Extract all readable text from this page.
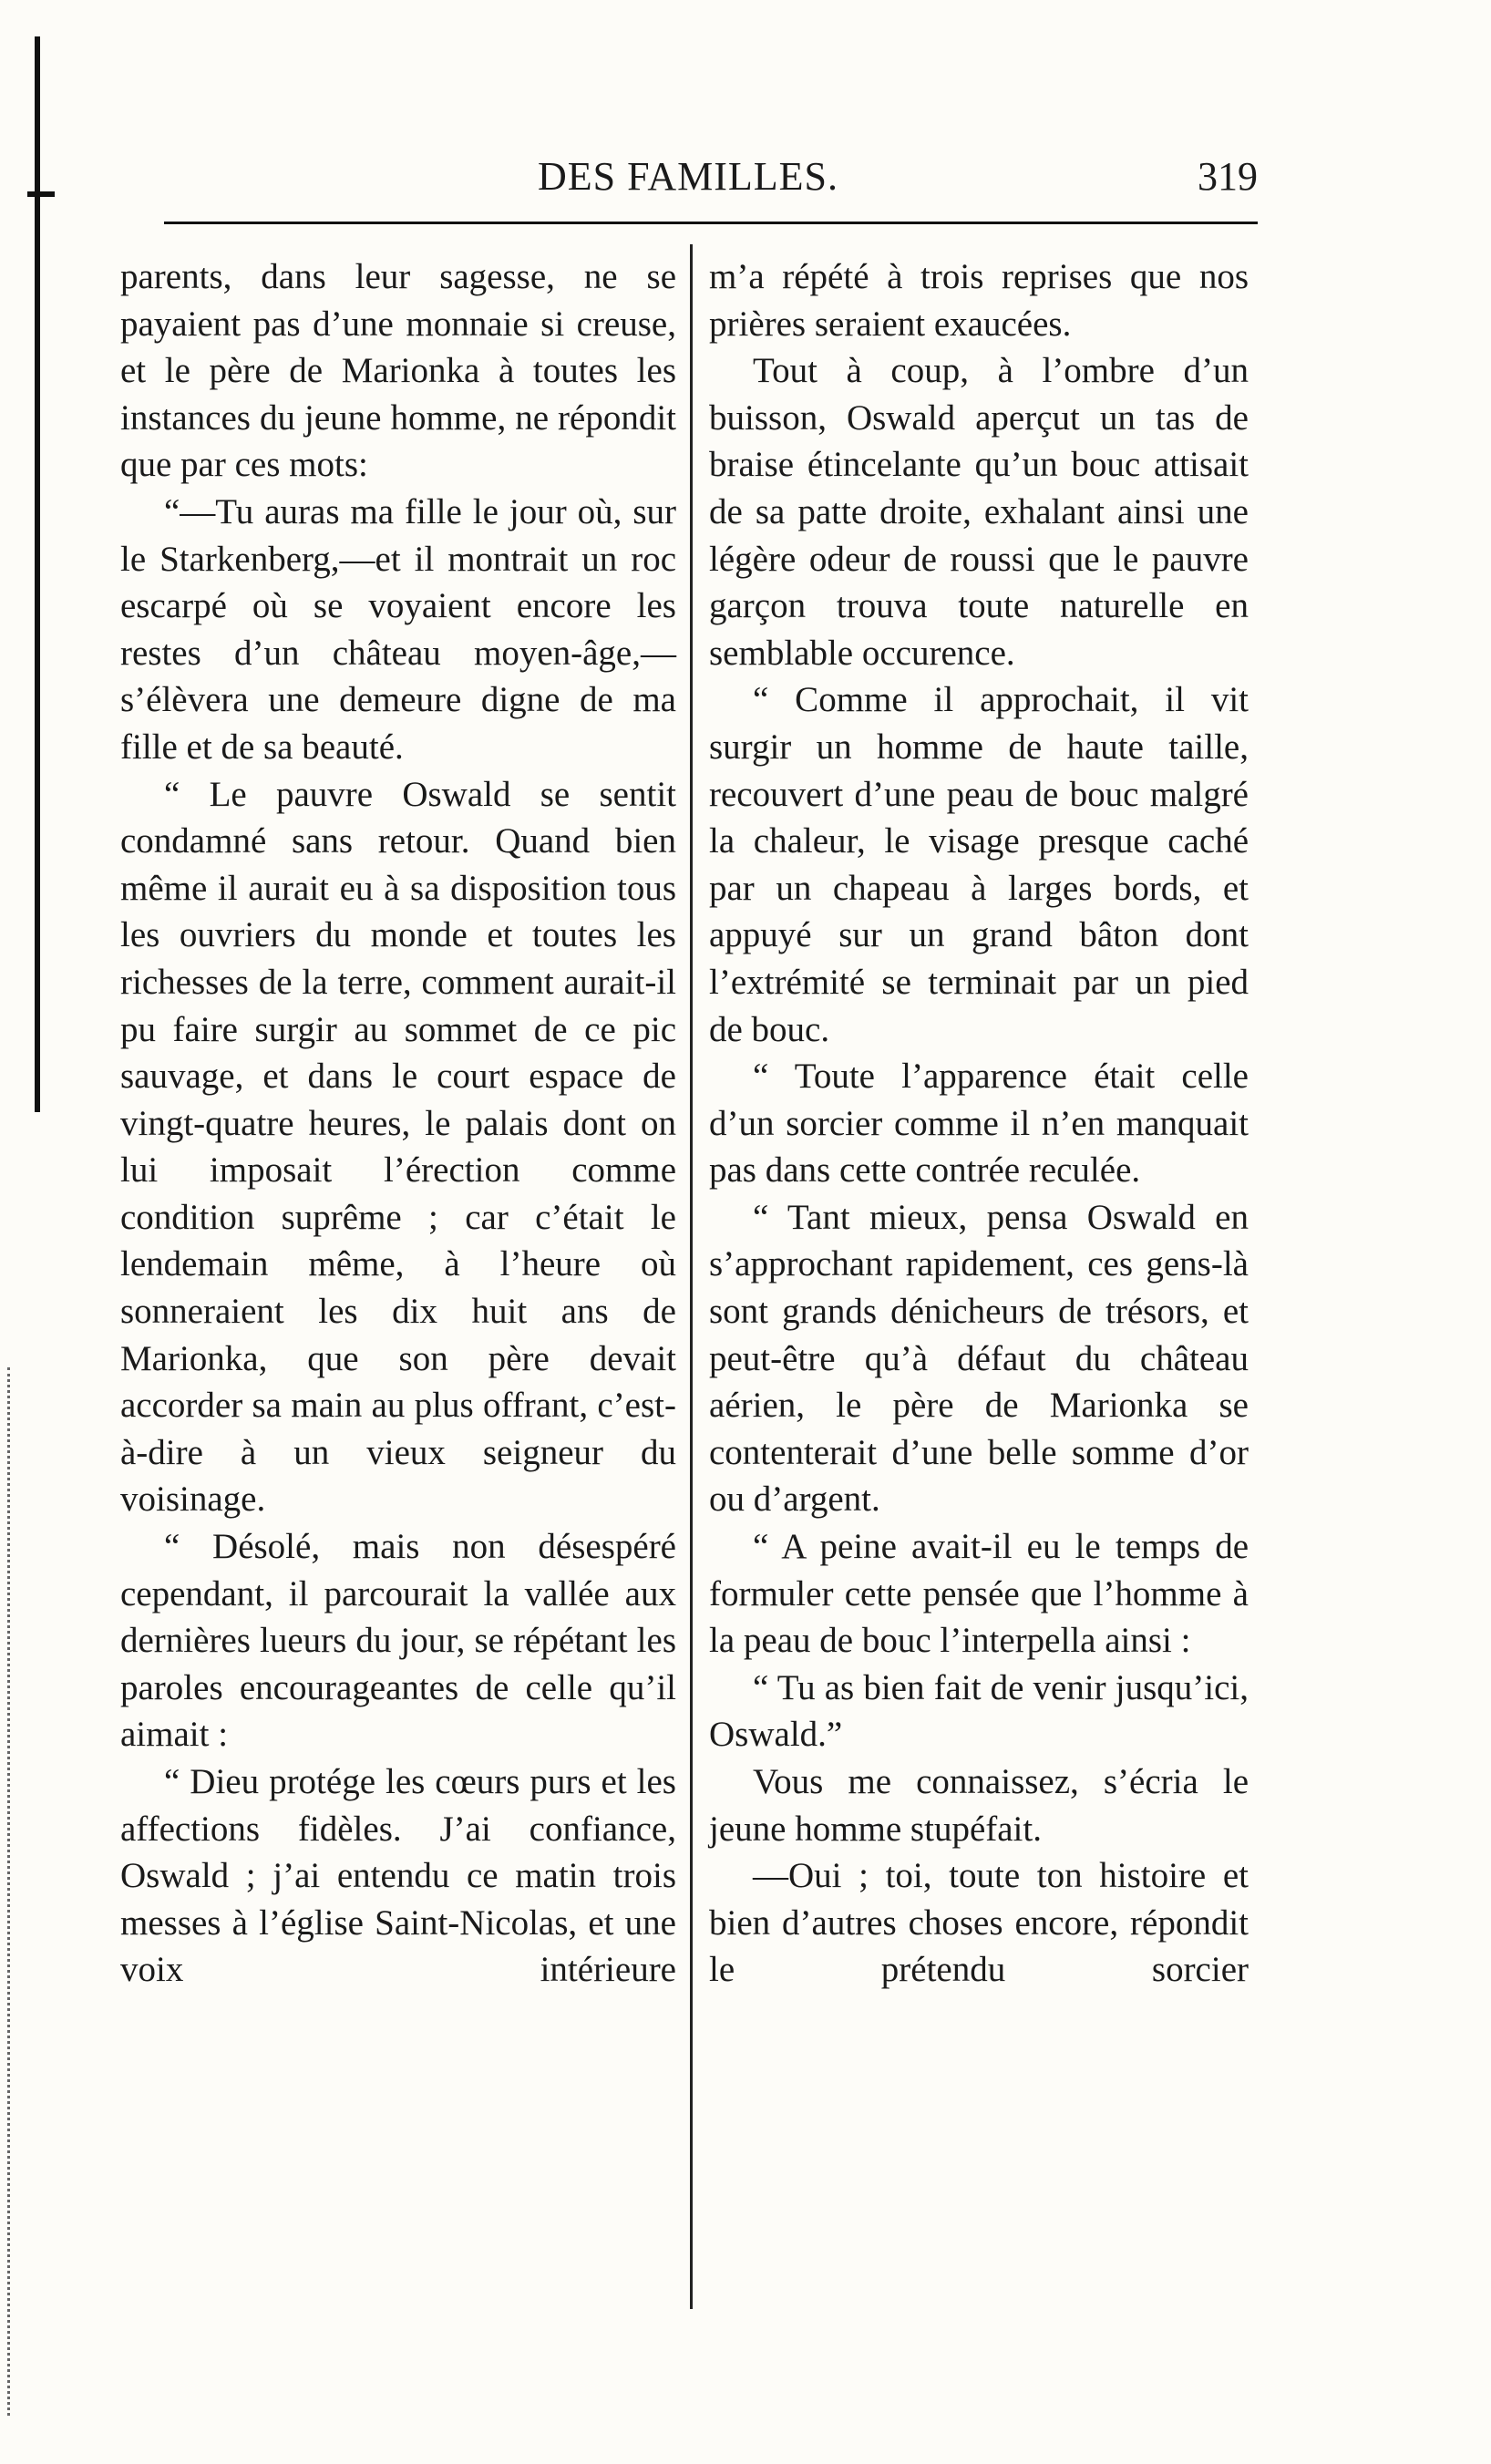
DES FAMILLES.	319

parents, dans leur sagesse, ne se payaient pas d’une monnaie si creuse, et le père de Marionka à toutes les instances du jeune homme, ne répondit que par ces mots:

“—Tu auras ma fille le jour où, sur le Starkenberg,—et il montrait un roc escarpé où se voyaient encore les restes d’un château moyen-âge,—s’élèvera une demeure digne de ma fille et de sa beauté.

“ Le pauvre Oswald se sentit condamné sans retour. Quand bien même il aurait eu à sa disposition tous les ouvriers du monde et toutes les richesses de la terre, comment aurait-il pu faire surgir au sommet de ce pic sauvage, et dans le court espace de vingt-quatre heures, le palais dont on lui imposait l’érection comme condition suprême ; car c’était le lendemain même, à l’heure où sonneraient les dix huit ans de Marionka, que son père devait accorder sa main au plus offrant, c’est-à-dire à un vieux seigneur du voisinage.

“ Désolé, mais non désespéré cependant, il parcourait la vallée aux dernières lueurs du jour, se répétant les paroles encourageantes de celle qu’il aimait :

“ Dieu protége les cœurs purs et les affections fidèles. J’ai confiance, Oswald ; j’ai entendu ce matin trois messes à l’église Saint-Nicolas, et une voix intérieure

m’a répété à trois reprises que nos prières seraient exaucées.

Tout à coup, à l’ombre d’un buisson, Oswald aperçut un tas de braise étincelante qu’un bouc attisait de sa patte droite, exhalant ainsi une légère odeur de roussi que le pauvre garçon trouva toute naturelle en semblable occurence.

“ Comme il approchait, il vit surgir un homme de haute taille, recouvert d’une peau de bouc malgré la chaleur, le visage presque caché par un chapeau à larges bords, et appuyé sur un grand bâton dont l’extrémité se terminait par un pied de bouc.

“ Toute l’apparence était celle d’un sorcier comme il n’en manquait pas dans cette contrée reculée.

“ Tant mieux, pensa Oswald en s’approchant rapidement, ces gens-là sont grands dénicheurs de trésors, et peut-être qu’à défaut du château aérien, le père de Marionka se contenterait d’une belle somme d’or ou d’argent.

“ A peine avait-il eu le temps de formuler cette pensée que l’homme à la peau de bouc l’interpella ainsi :

“ Tu as bien fait de venir jusqu’ici, Oswald.”

Vous me connaissez, s’écria le jeune homme stupéfait.

—Oui ; toi, toute ton histoire et bien d’autres choses encore, répondit le prétendu sorcier
